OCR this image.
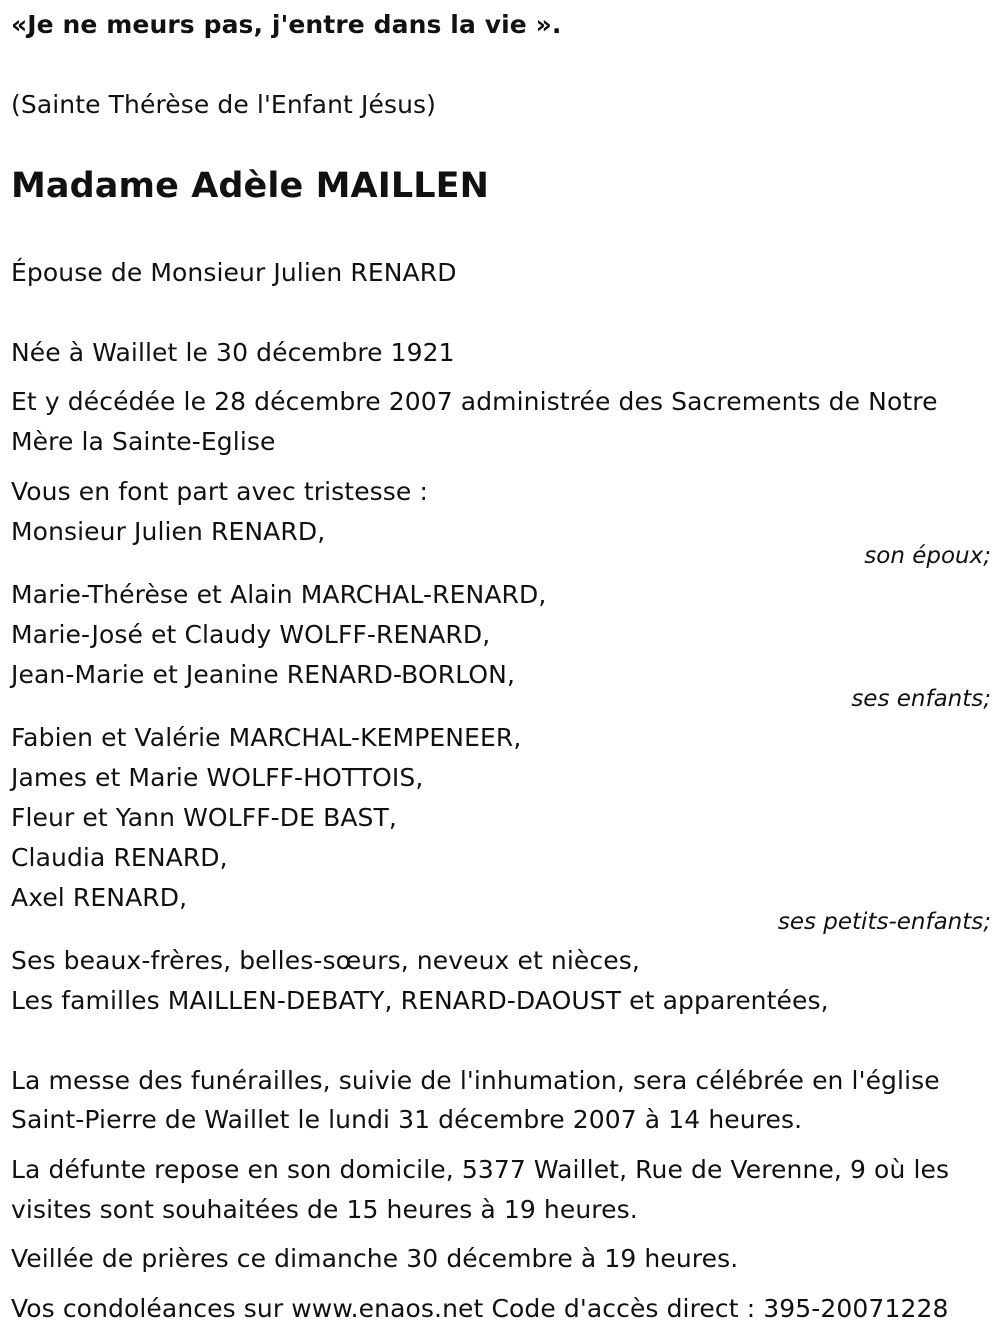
«Je ne meurs pas, j'entre dans la vie ».
(Sainte Thérèse de l'Enfant Jésus)
Madame Adèle MAILLEN
Épouse de Monsieur Julien RENARD
Née à Waillet le 30 décembre 1921
Et y décédée le 28 décembre 2007 administrée des Sacrements de Notre
Mère la Sainte-Eglise
Vous en font part avec tristesse :
Monsieur Julien RENARD,
son époux;
Marie-Thérèse et Alain MARCHAL-RENARD,
Marie-José et Claudy WOLFF-RENARD,
Jean-Marie et Jeanine RENARD-BORLON,
ses enfants;
Fabien et Valérie MARCHAL-KEMPENEER,
James et Marie WOLFF-HOTTOIS,
Fleur et Yann WOLFF-DE BAST,
Claudia RENARD,
Axel RENARD,
ses petits-enfants;
Ses beaux-frères, belles-sœurs, neveux et nièces,
Les familles MAILLEN-DEBATY, RENARD-DAOUST et apparentées,
La messe des funérailles, suivie de l'inhumation, sera célébrée en l'église
Saint-Pierre de Waillet le lundi 31 décembre 2007 à 14 heures.
La défunte repose en son domicile, 5377 Waillet, Rue de Verenne, 9 où les
visites sont souhaitées de 15 heures à 19 heures.
Veillée de prières ce dimanche 30 décembre à 19 heures.
Vos condoléances sur www.enaos.net Code d'accès direct : 395-20071228
